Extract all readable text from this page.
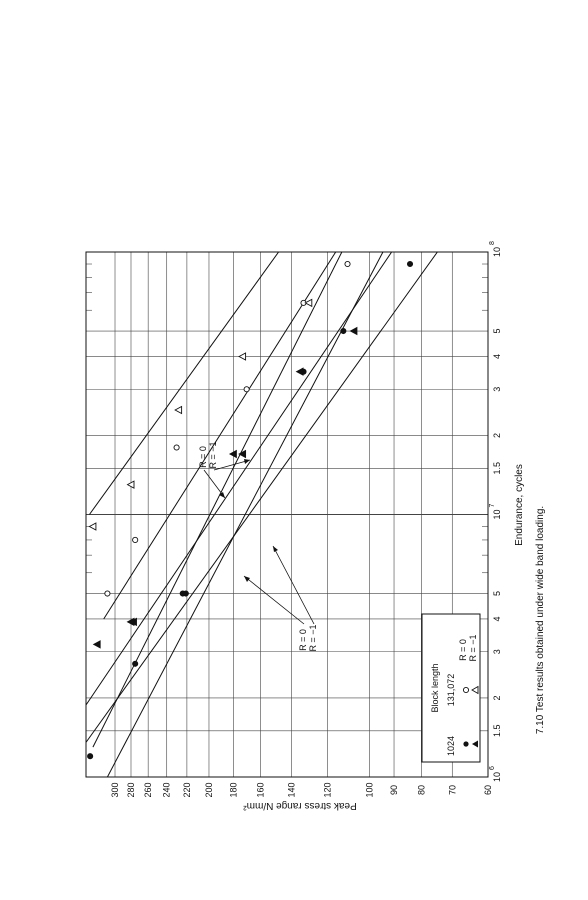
60
70
80
90
100
120
140
160
180
200
220
240
260
280
300
10
6
1.5
2
3
4
5
10
7
1.5
2
3
4
5
10
8
Endurance, cycles
Peak stress range N/mm²
7.10 Test results obtained under wide band loading.
Block length
1024
131,072
R = 0 R = −1
R = 0 R = −1
R = 0 R = −1
